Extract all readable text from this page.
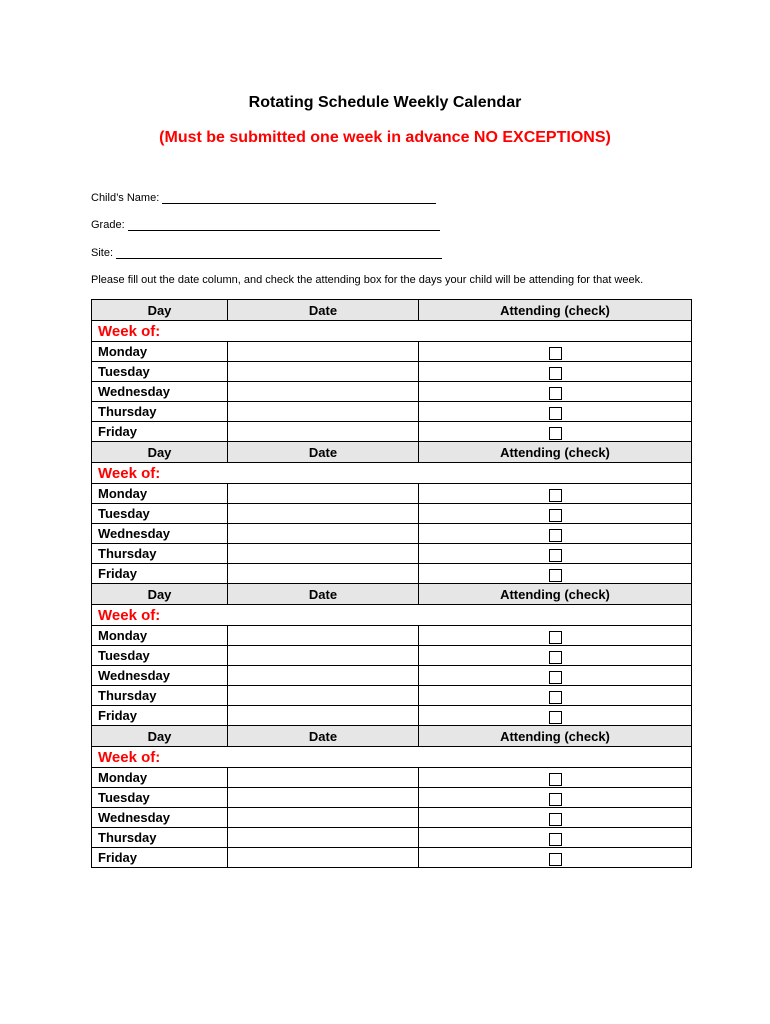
Rotating Schedule Weekly Calendar
(Must be submitted one week in advance NO EXCEPTIONS)
Child’s Name:
Grade:
Site:
Please fill out the date column, and check the attending box for the days your child will be attending for that week.
Day	Date	Attending (check)
Week of:		
Monday		
Tuesday		
Wednesday		
Thursday		
Friday		
Day	Date	Attending (check)
Week of:		
Monday		
Tuesday		
Wednesday		
Thursday		
Friday		
Day	Date	Attending (check)
Week of:		
Monday		
Tuesday		
Wednesday		
Thursday		
Friday		
Day	Date	Attending (check)
Week of:		
Monday		
Tuesday		
Wednesday		
Thursday		
Friday		
